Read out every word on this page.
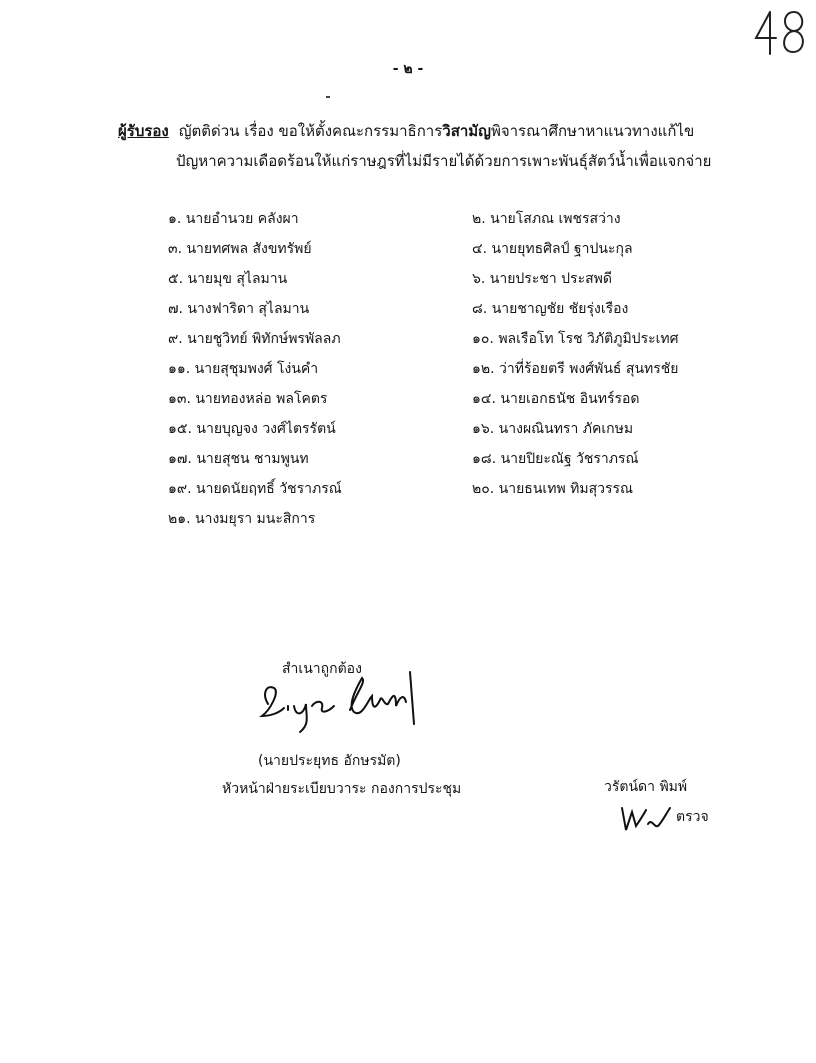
- ๒ -
ผู้รับรอง ญัตติด่วน เรื่อง ขอให้ตั้งคณะกรรมาธิการวิสามัญพิจารณาศึกษาหาแนวทางแก้ไข
ปัญหาความเดือดร้อนให้แก่ราษฎรที่ไม่มีรายได้ด้วยการเพาะพันธุ์สัตว์น้ำเพื่อแจกจ่าย
๑. นายอำนวย คลังผา
๓. นายทศพล สังขทรัพย์
๕. นายมุข สุไลมาน
๗. นางฟาริดา สุไลมาน
๙. นายชูวิทย์ พิทักษ์พรพัลลภ
๑๑. นายสุชุมพงศ์ โง่นคำ
๑๓. นายทองหล่อ พลโคตร
๑๕. นายบุญจง วงศ์ไตรรัตน์
๑๗. นายสุชน ชามพูนท
๑๙. นายดนัยฤทธิ์ วัชราภรณ์
๒๑. นางมยุรา มนะสิการ
๒. นายโสภณ เพชรสว่าง
๔. นายยุทธศิลป์ ฐาปนะกุล
๖. นายประชา ประสพดี
๘. นายชาญชัย ชัยรุ่งเรือง
๑๐. พลเรือโท โรช วิภัติภูมิประเทศ
๑๒. ว่าที่ร้อยตรี พงศ์พันธ์ สุนทรชัย
๑๔. นายเอกธนัช อินทร์รอด
๑๖. นางผณินทรา ภัคเกษม
๑๘. นายปิยะณัฐ วัชราภรณ์
๒๐. นายธนเทพ ทิมสุวรรณ
สำเนาถูกต้อง
(นายประยุทธ อักษรมัต)
หัวหน้าฝ่ายระเบียบวาระ กองการประชุม	วรัตน์ดา พิมพ์
ตรวจ
